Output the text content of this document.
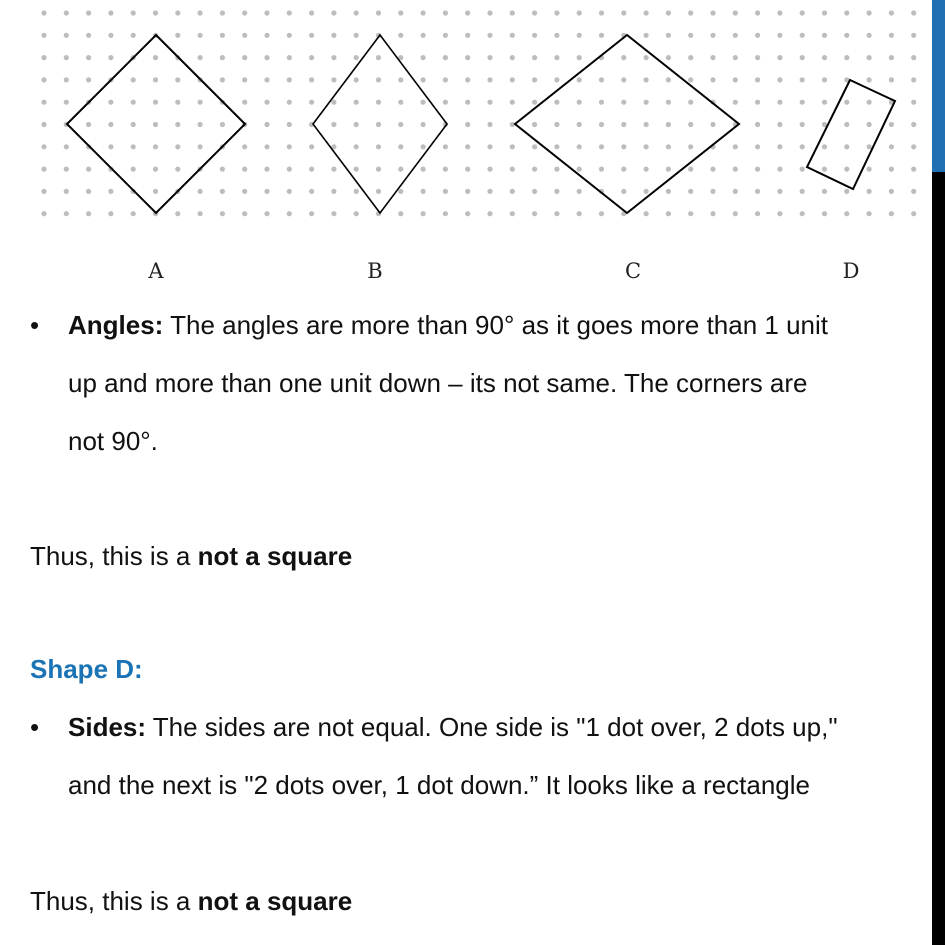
A	B	C	D
• Angles: The angles are more than 90° as it goes more than 1 unit
up and more than one unit down – its not same. The corners are
not 90°.
Thus, this is a not a square
Shape D:
• Sides: The sides are not equal. One side is "1 dot over, 2 dots up,"
and the next is "2 dots over, 1 dot down.” It looks like a rectangle
Thus, this is a not a square
